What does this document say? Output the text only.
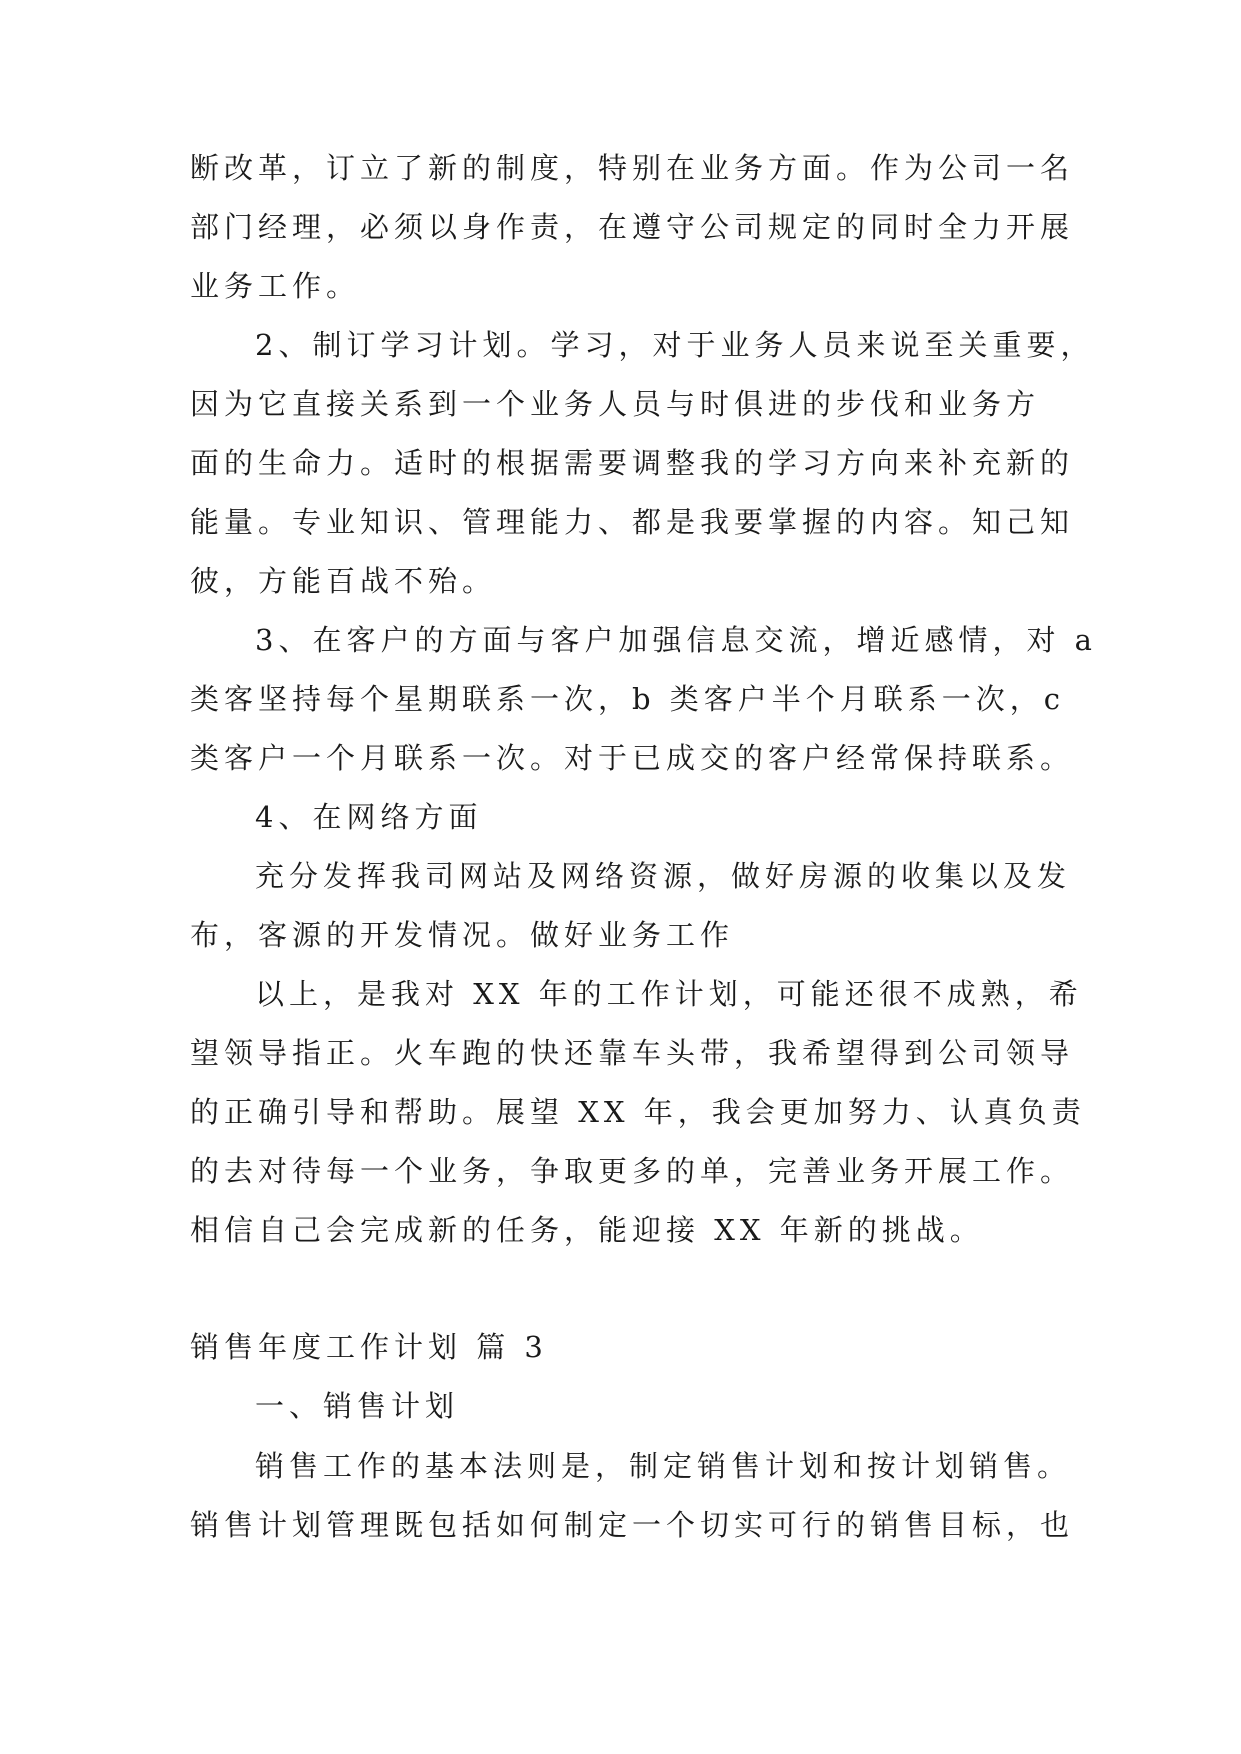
断改革，订立了新的制度，特别在业务方面。作为公司一名
部门经理，必须以身作责，在遵守公司规定的同时全力开展
业务工作。
2、制订学习计划。学习，对于业务人员来说至关重要，
因为它直接关系到一个业务人员与时俱进的步伐和业务方
面的生命力。适时的根据需要调整我的学习方向来补充新的
能量。专业知识、管理能力、都是我要掌握的内容。知己知
彼，方能百战不殆。
3、在客户的方面与客户加强信息交流，增近感情，对 a
类客坚持每个星期联系一次，b 类客户半个月联系一次，c
类客户一个月联系一次。对于已成交的客户经常保持联系。
4、在网络方面
充分发挥我司网站及网络资源，做好房源的收集以及发
布，客源的开发情况。做好业务工作
以上，是我对 XX 年的工作计划，可能还很不成熟，希
望领导指正。火车跑的快还靠车头带，我希望得到公司领导
的正确引导和帮助。展望 XX 年，我会更加努力、认真负责
的去对待每一个业务，争取更多的单，完善业务开展工作。
相信自己会完成新的任务，能迎接 XX 年新的挑战。
销售年度工作计划 篇 3
一、销售计划
销售工作的基本法则是，制定销售计划和按计划销售。
销售计划管理既包括如何制定一个切实可行的销售目标，也
